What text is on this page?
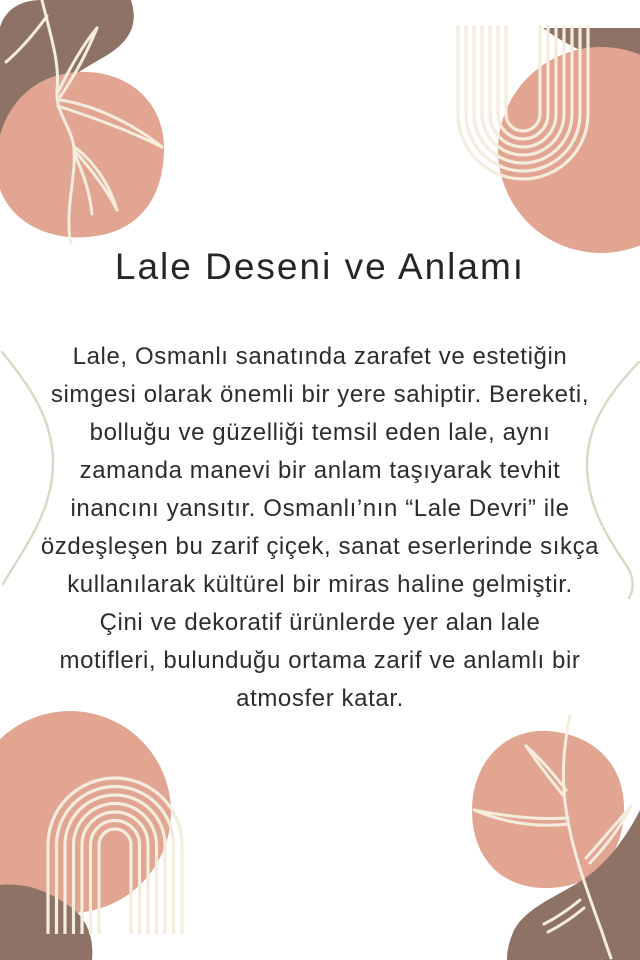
Lale Deseni ve Anlamı
Lale, Osmanlı sanatında zarafet ve estetiğin
simgesi olarak önemli bir yere sahiptir. Bereketi,
bolluğu ve güzelliği temsil eden lale, aynı
zamanda manevi bir anlam taşıyarak tevhit
inancını yansıtır. Osmanlı’nın “Lale Devri” ile
özdeşleşen bu zarif çiçek, sanat eserlerinde sıkça
kullanılarak kültürel bir miras haline gelmiştir.
Çini ve dekoratif ürünlerde yer alan lale
motifleri, bulunduğu ortama zarif ve anlamlı bir
atmosfer katar.
